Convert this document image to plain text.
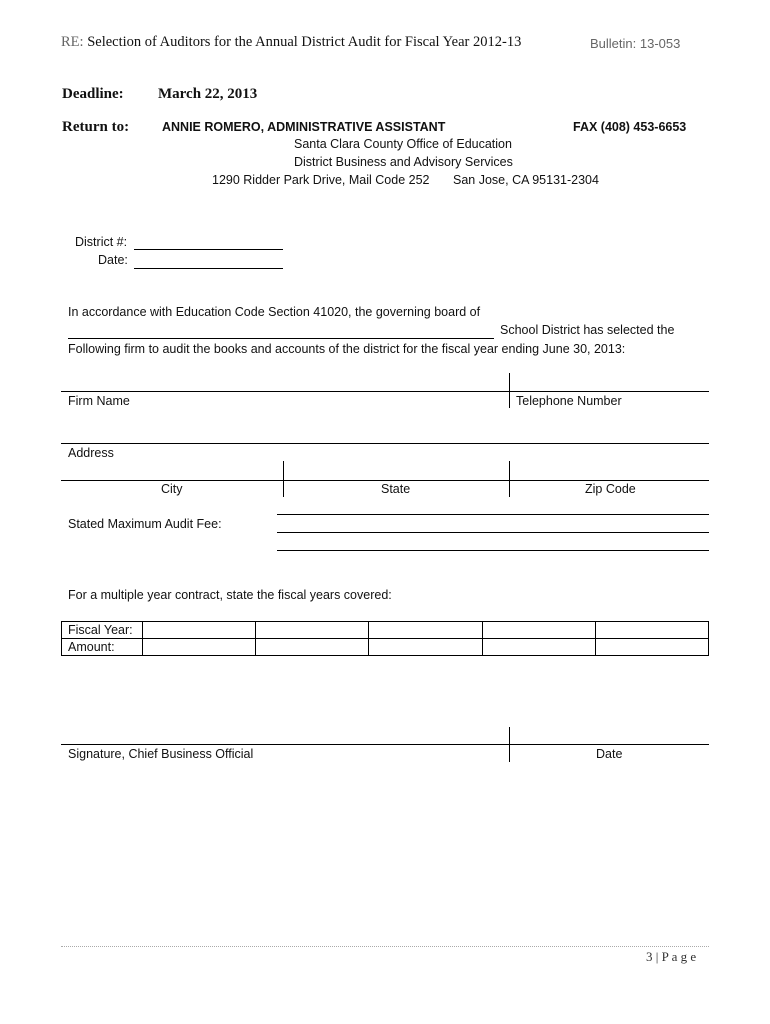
RE: Selection of Auditors for the Annual District Audit for Fiscal Year 2012-13	Bulletin: 13-053
Deadline: March 22, 2013
Return to:	ANNIE ROMERO, ADMINISTRATIVE ASSISTANT	FAX (408) 453-6653
Santa Clara County Office of Education
District Business and Advisory Services
1290 Ridder Park Drive, Mail Code 252 San Jose, CA 95131-2304
District #:
Date:
In accordance with Education Code Section 41020, the governing board of
School District has selected the
Following firm to audit the books and accounts of the district for the fiscal year ending June 30, 2013:
Firm Name	Telephone Number
Address
City	State	Zip Code
Stated Maximum Audit Fee:
For a multiple year contract, state the fiscal years covered:
Fiscal Year:					
Amount:					
Signature, Chief Business Official	Date
3 | P a g e
